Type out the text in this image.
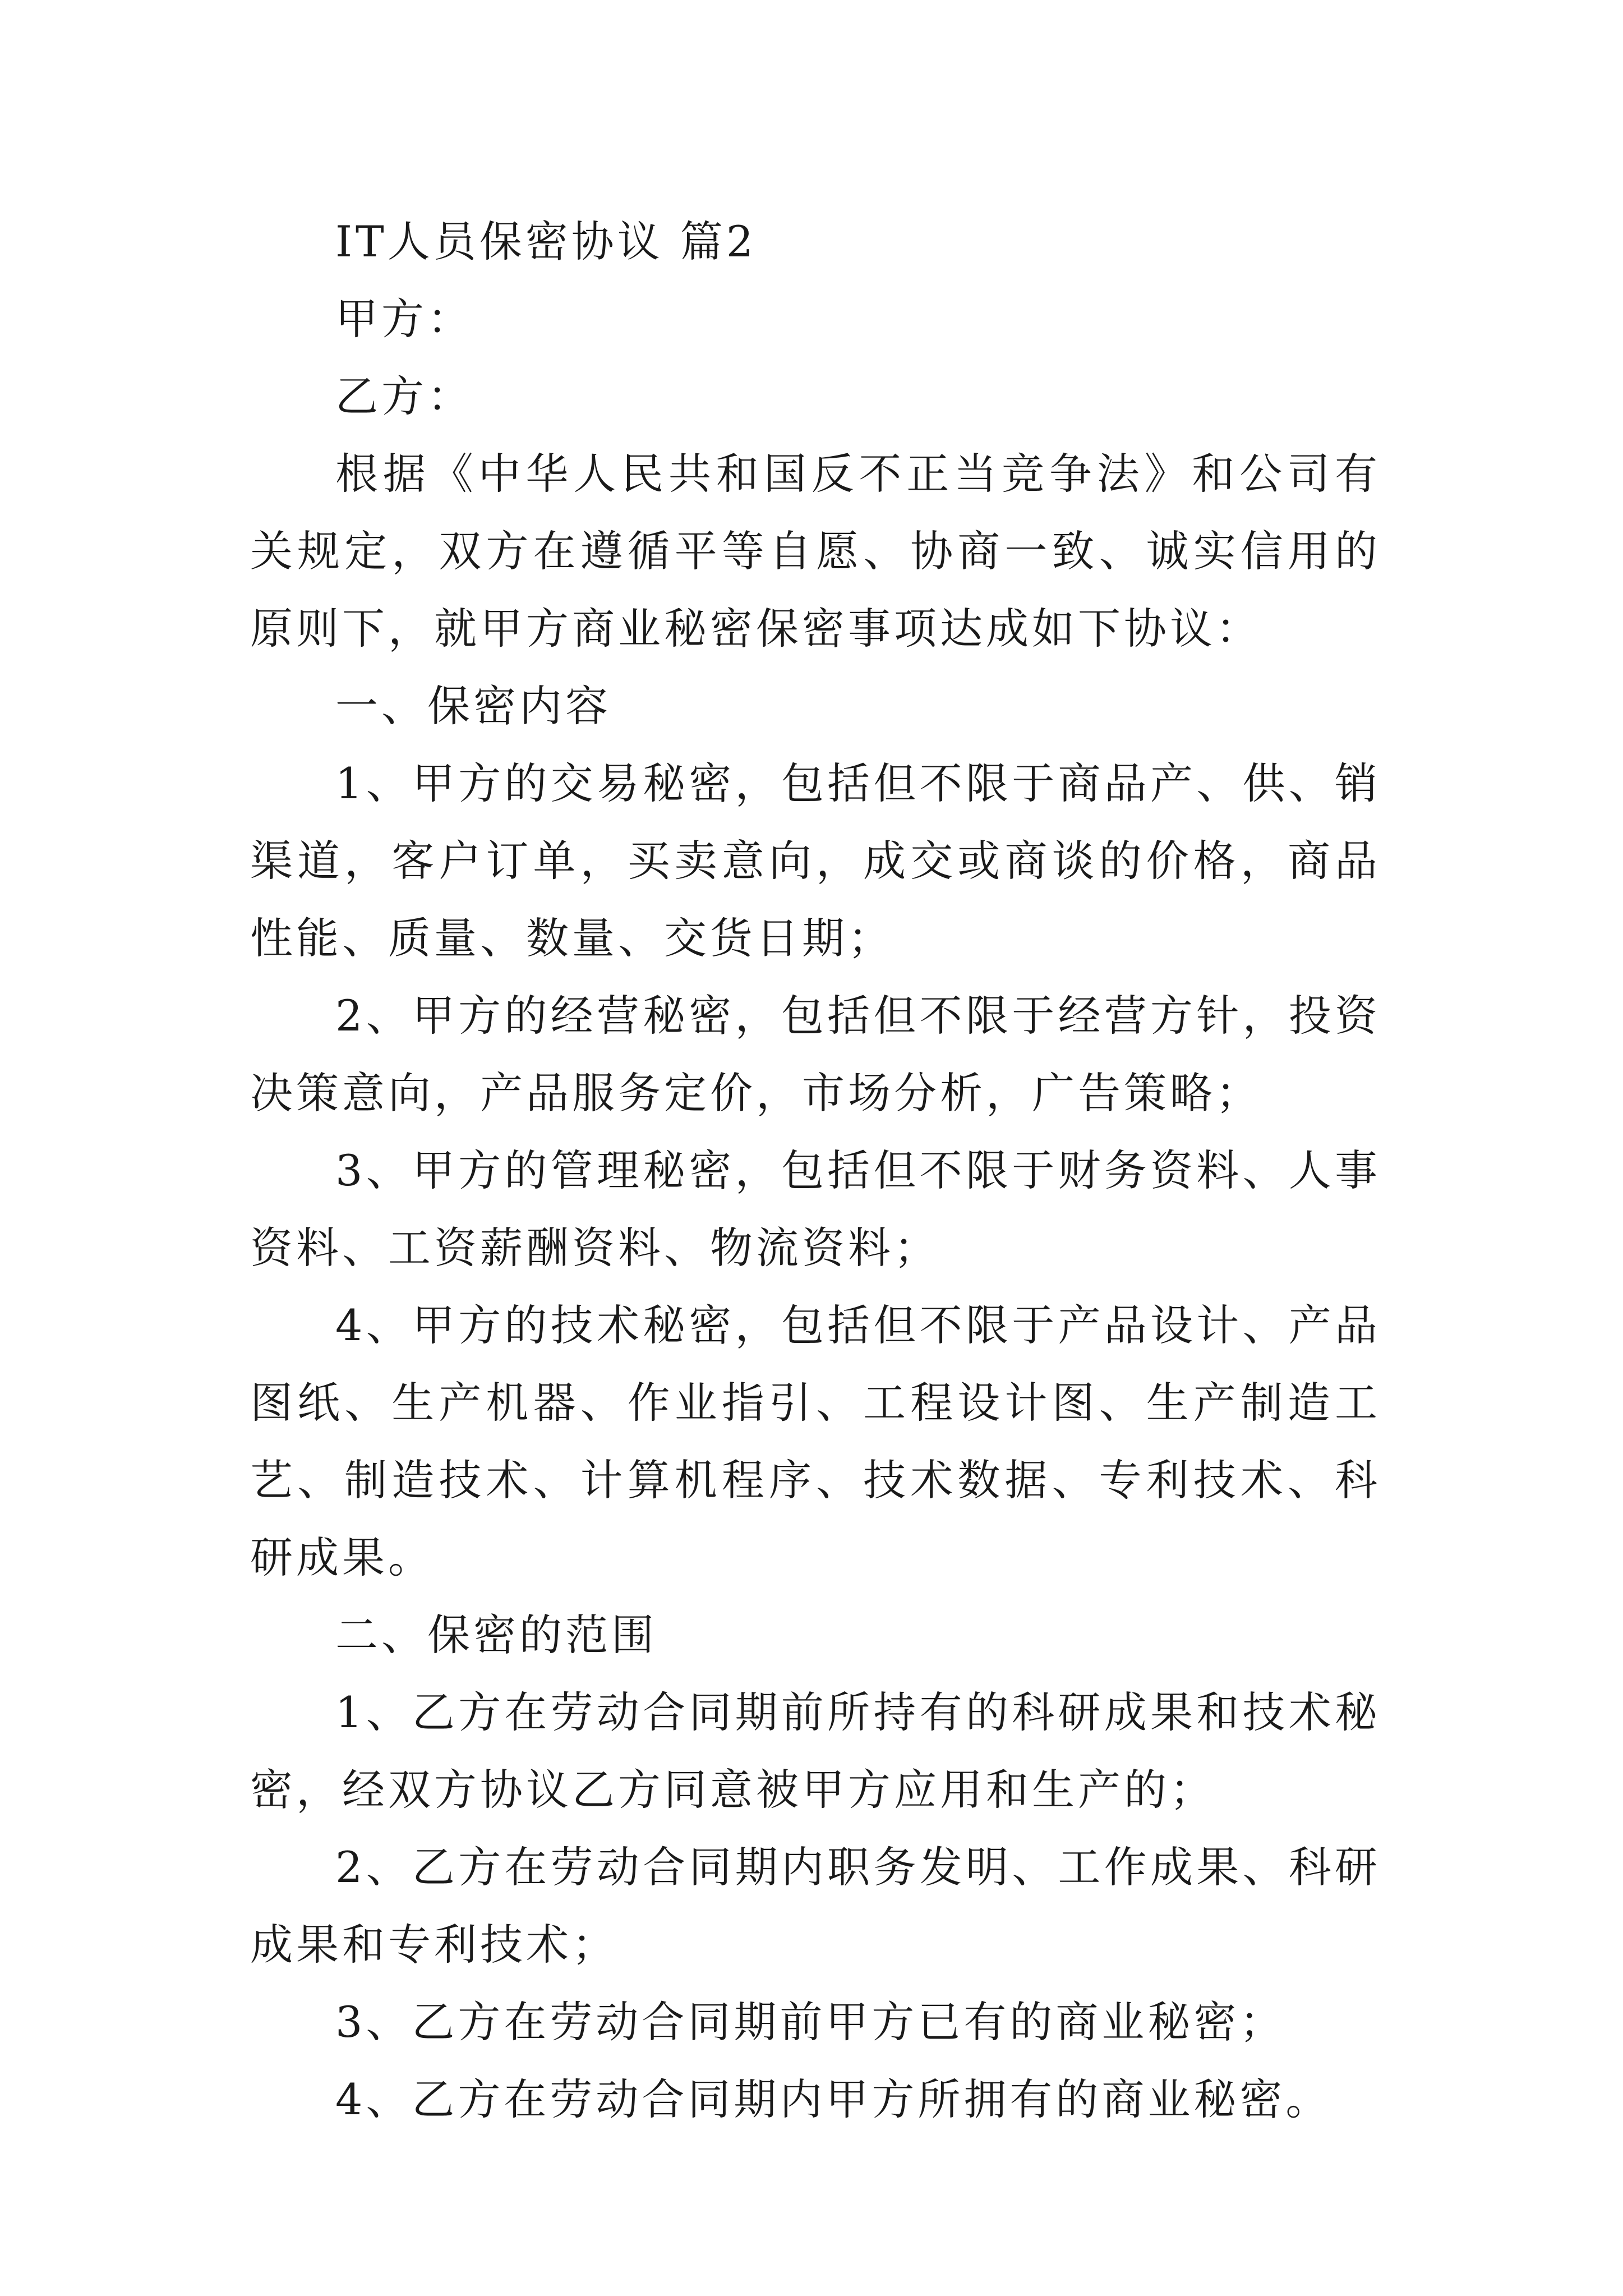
IT人员保密协议 篇2

甲方：

乙方：

根据《中华人民共和国反不正当竞争法》和公司有关规定，双方在遵循平等自愿、协商一致、诚实信用的原则下，就甲方商业秘密保密事项达成如下协议：

一、保密内容

1、甲方的交易秘密，包括但不限于商品产、供、销渠道，客户订单，买卖意向，成交或商谈的价格，商品性能、质量、数量、交货日期；

2、甲方的经营秘密，包括但不限于经营方针，投资决策意向，产品服务定价，市场分析，广告策略；

3、甲方的管理秘密，包括但不限于财务资料、人事资料、工资薪酬资料、物流资料；

4、甲方的技术秘密，包括但不限于产品设计、产品图纸、生产机器、作业指引、工程设计图、生产制造工艺、制造技术、计算机程序、技术数据、专利技术、科研成果。

二、保密的范围

1、乙方在劳动合同期前所持有的科研成果和技术秘密，经双方协议乙方同意被甲方应用和生产的；

2、乙方在劳动合同期内职务发明、工作成果、科研成果和专利技术；

3、乙方在劳动合同期前甲方已有的商业秘密；

4、乙方在劳动合同期内甲方所拥有的商业秘密。
